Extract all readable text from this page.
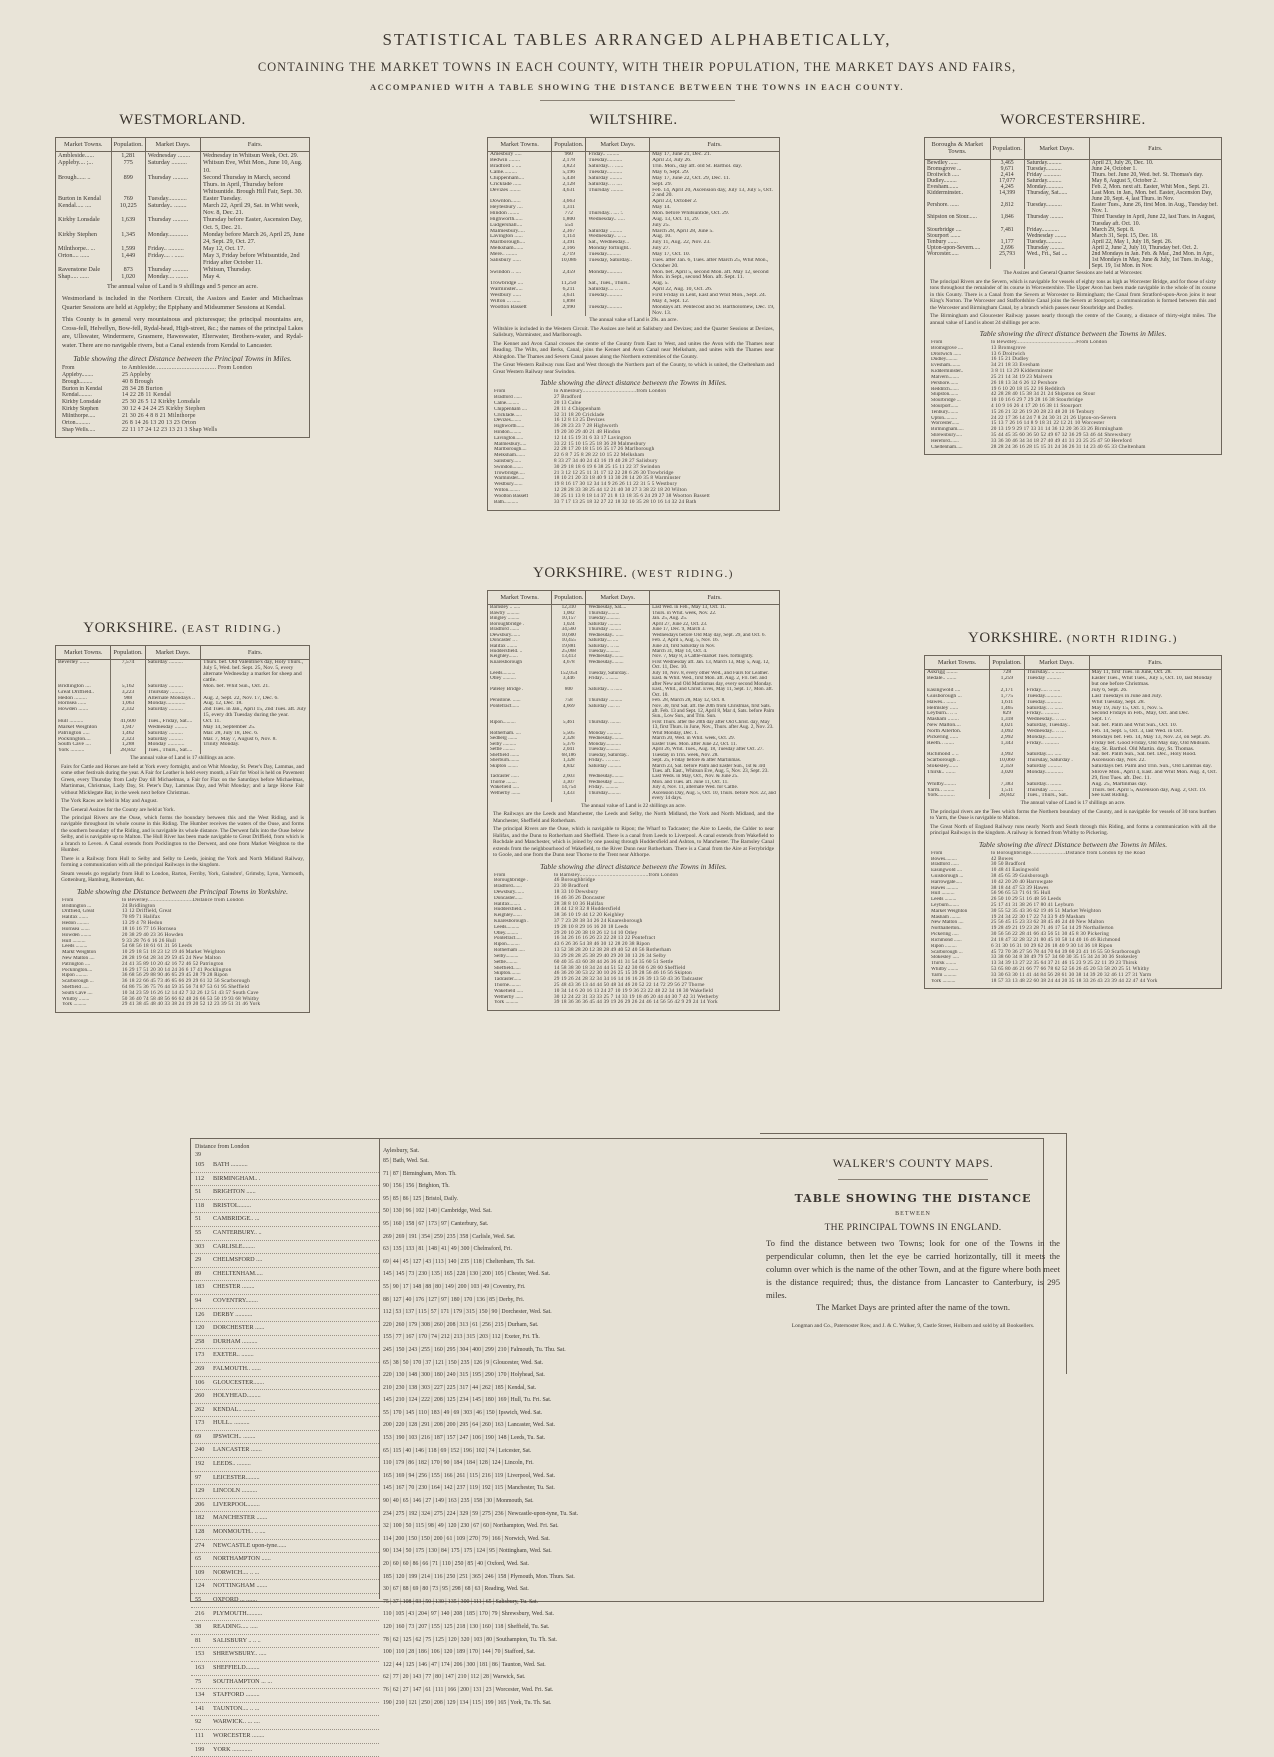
STATISTICAL TABLES ARRANGED ALPHABETICALLY,
CONTAINING THE MARKET TOWNS IN EACH COUNTY, WITH THEIR POPULATION, THE MARKET DAYS AND FAIRS,
ACCOMPANIED WITH A TABLE SHOWING THE DISTANCE BETWEEN THE TOWNS IN EACH COUNTY.
WESTMORLAND.
Market Towns.	Population.	Market Days.	Fairs.
Ambleside......	1,281	Wednesday ........	Wednesday in Whitsun Week, Oct. 29.
Appleby.... ;...	775	Saturday ..........	Whitsun Eve, Whit Mon., June 10, Aug. 10.
Brough...... ..	899	Thursday ..........	Second Thursday in March, second Thurs. in April, Thursday before Whitsuntide. Brough Hill Fair, Sept. 30.
Burton in Kendal	769	Tuesday............	Easter Tuesday.
Kendal..... ....	10,225	Saturday.. ........	March 22, April 29, Sat. in Whit week, Nov. 8, Dec. 21.
Kirkby Lonsdale	1,639	Thursday ..........	Thursday before Easter, Ascension Day, Oct. 5, Dec. 21.
Kirkby Stephen	1,345	Monday.............	Monday before March 26, April 25, June 24, Sept. 29, Oct. 27.
Milnthorpe.. ...	1,599	Friday.. ..........	May 12, Oct. 17.
Orton.... ......	1,449	Friday.... . ......	May 3, Friday before Whitsuntide, 2nd Friday after October 11.
Ravenstone Dale	873	Thursday ..........	Whitsun, Thursday.
Shap..... ......	1,020	Monday.... ........	May 4.
The annual value of Land is 9 shillings and 5 pence an acre.
Westmorland is included in the Northern Circuit, the Assizes and Easter and Michaelmas Quarter Sessions are held at Appleby; the Epiphany and Midsummer Sessions at Kendal.
This County is in general very mountainous and picturesque; the principal mountains are, Cross-fell, Helvellyn, Bow-fell, Rydal-head, High-street, &c.; the names of the principal Lakes are, Ullswater, Windermere, Grasmere, Haweswater, Elterwater, Brothers-water, and Rydal-water. There are no navigable rivers, but a Canal extends from Kendal to Lancaster.
Table showing the direct Distance between the Principal Towns in Miles.
From	to Ambleside..................................... From London
Appleby........	25 Appleby
Brough.........	40 8 Brough
Burton in Kendal	28 34 28 Burton
Kendal.........	14 22 28 11 Kendal
Kirkby Lonsdale	25 30 26 5 12 Kirkby Lonsdale
Kirkby Stephen	30 12 4 24 24 25 Kirkby Stephen
Milnthorpe.....	21 30 26 4 8 8 21 Milnthorpe
Orton..........	26 8 14 26 13 20 13 23 Orton
Shap Wells.....	22 11 17 24 12 23 13 21 3 Shap Wells
WILTSHIRE.
Market Towns.	Population.	Market Days.	Fairs.
Amesbury .....	960	Friday.. .........	May 17, June 21, Dec. 21.
Bedwin ........	2,178	Tuesday...........	April 23, July 26.
Bradford .. ....	3,823	Saturday.. . ......	Trin. Mon., day aft. old St. Barthol. day.
Calne..........	5,196	Tuesday...........	May 6, Sept. 29.
Chippenham....	5,438	Saturday .........	May 17, June 22, Oct. 29, Dec. 11.
Cricklade ......	2,128	Saturday.. .. ....	Sept. 29.
Devizes ........	4,631	Thursday .........	Feb. 14, April 20, Ascension day, July 13, July 5, Oct. 2 and 20.
Downton.......	3,663		April 23, October 2.
Heytesbury ....	1,311		May 14.
Hindon ........	772	Thursday.. .... :.	Mon. before Whitsuntide, Oct. 29.
Highworth......	1,800	Wednesday.. .....	Aug. 13, Oct. 11, 29.
Ludgershall....	554		July 25.
Malmesbury.....	2,367	Saturday .........	March 28, April 28, June 5.
Lavington ......	1,114	Wednesday.. .. ...	Aug. 10.
Marlborough....	3,391	Sat., Wednesday...	July 11, Aug. 22, Nov. 23.
Melksham.......	2,166	Monday fortnight..	July 27.
Mere.. ........	2,719	Tuesday..........	May 17, Oct. 10.
Salisbury ......	10,086	Tuesday, Saturday..	Tues. after Jan. 6, Tues. after March 25, Whit Mon., October 20.
Swindon .. ....	2,459	Monday...........	Mon. bef. April 5, second Mon. aft. May 12, second Mon. in Sept., second Mon. aft. Sept. 11.
Trowbridge ....	11,250	Sat., Tues., Thurs..	Aug. 5.
Warminster.....	6,211	Saturday.... .. ...	April 22, Aug. 10, Oct. 26.
Westbury ......	3,631	Tuesday...........	First Friday in Lent, East and Whit Mon., Sept. 24.
Wilton ... ......	1,898		May 4, Sept. 12.
Wootton Bassett	2,990	Tuesday...........	Mondays aft. Pentecost and St. Bartholomew, Dec. 19, Nov. 13.
The annual value of Land is 29s. an acre.
Wiltshire is included in the Western Circuit. The Assizes are held at Salisbury and Devizes; and the Quarter Sessions at Devizes, Salisbury, Warminster, and Marlborough.
The Kennet and Avon Canal crosses the centre of the County from East to West, and unites the Avon with the Thames near Reading. The Wilts, and Berks, Canal, joins the Kennet and Avon Canal near Melksham, and unites with the Thames near Abingdon. The Thames and Severn Canal passes along the Northern extremities of the County.
The Great Western Railway runs East and West through the Northern part of the County, to which is united, the Cheltenham and Great Western Railway near Swindon.
Table showing the direct distance between the Towns in Miles.
From	to Amesbury....................................from London
Bradford ......	27 Bradford
Calne..........	20 13 Calne
Chippenham ....	28 11 4 Chippenham
Cricklade......	32 31 18 20 Cricklade
Devizes........	16 12 8 13 25 Devizes
Highworth......	36 28 23 23 7 28 Highworth
Hindon.........	19 20 30 29 40 21 48 Hindon
Lavington......	12 14 15 19 31 6 33 17 Lavington
Malmesbury.....	33 22 15 10 15 25 18 36 28 Malmesbury
Marlborough....	22 28 17 20 18 15 16 35 17 26 Marlborough
Melksham.......	22 6 8 7 25 8 28 22 10 15 22 Melksham
Salisbury......	8 33 27 34 40 24 43 16 19 40 28 27 Salisbury
Swindon........	30 29 18 18 6 19 6 38 25 15 11 22 37 Swindon
Trowbridge.....	21 3 12 12 25 11 31 17 12 22 28 6 26 30 Trowbridge
Warminster.....	18 10 21 20 33 18 40 9 13 30 28 14 20 35 8 Warminster
Westbury.......	19 8 16 17 30 12 34 14 9 26 26 11 22 31 5 5 Westbury
Wilton.........	12 28 28 33 38 25 44 12 21 40 30 27 3 38 22 18 20 Wilton
Wootton Bassett	30 25 11 13 8 18 14 37 21 8 13 18 35 6 24 29 27 38 Wootton Bassett
Bath...........	33 7 17 13 25 18 32 27 22 18 32 10 35 28 10 16 14 32 24 Bath
WORCESTERSHIRE.
Boroughs & Market Towns.	Population.	Market Days.	Fairs.
Bewdley ......	3,465	Saturday..........	April 23, July 26, Dec. 10.
Bromsgrove ...	9,671	Tuesday...........	June 24, October 1.
Droitwich .....	2,414	Friday ............	Thurs. bef. June 20, Wed. bef. St. Thomas's day.
Dudley.........	17,077	Saturday..........	May 8, August 5, October 2.
Evesham.......	4,245	Monday............	Feb. 2, Mon. next aft. Easter, Whit Mon., Sept. 21.
Kidderminster..	14,399	Thursday, Sat......	Last Mon. in Jan., Mon. bef. Easter, Ascension Day, June 20, Sept. 4, last Thurs. in Nov.
Pershore. ......	2,812	Tuesday...........	Easter Tues., June 26, first Mon. in Aug., Tuesday bef. Nov. 1.
Shipston on Stour......	1,846	Thursday .........	Third Tuesday in April, June 22, last Tues. in August, Tuesday aft. Oct. 10.
Stourbridge ....	7,481	Friday............	March 29, Sept. 8.
Stourport .......		Wednesday ........	March 31, Sept. 15, Dec. 18.
Tenbury .......	1,177	Tuesday...........	April 22, May 1, July 18, Sept. 26.
Upton-upon-Severn.....	2,696	Thursday ..........	April 2, June 2, July 10, Thursday bef. Oct. 2.
Worcester......	25,793	Wed., Fri., Sat ....	2nd Mondays in Jan. Feb. & Mar., 2nd Mon. in Apr., 1st Mondays in May, June & July, 1st Tues. in Aug., Sept. 19, 1st Mon. in Nov.
The Assizes and General Quarter Sessions are held at Worcester.
The principal Rivers are the Severn, which is navigable for vessels of eighty tons as high as Worcester Bridge, and for those of sixty tons throughout the remainder of its course in Worcestershire. The Upper Avon has been made navigable in the whole of its course in this County. There is a Canal from the Severn at Worcester to Birmingham; the Canal from Stratford-upon-Avon joins it near King's Norton. The Worcester and Staffordshire Canal joins the Severn at Stourport; a communication is formed between this and the Worcester and Birmingham Canal, by a branch which passes near Stourbridge and Dudley.
The Birmingham and Gloucester Railway passes nearly through the centre of the County, a distance of thirty-eight miles. The annual value of Land is about 24 shillings per acre.
Table showing the direct distance between the Towns in Miles.
From	to Bewdley........................................From London
Bromsgrove ....	13 Bromsgrove
Droitwich ......	13 6 Droitwich
Dudley.........	16 15 21 Dudley
Evesham........	34 21 18 33 Evesham
Kidderminster..	3 8 11 13 29 Kidderminster
Malvern........	25 21 14 34 19 23 Malvern
Pershore.......	26 18 13 34 6 26 12 Pershore
Redditch.......	19 6 10 20 18 15 22 16 Redditch
Shipston.......	42 28 28 40 15 38 34 21 24 Shipston on Stour
Stourbridge ...	10 10 16 6 29 7 29 28 16 38 Stourbridge
Stourport......	4 10 9 16 26 4 17 20 16 38 11 Stourport
Tenbury........	15 26 21 32 26 19 20 28 23 48 20 16 Tenbury
Upton..........	24 22 17 36 14 24 7 8 24 30 31 21 26 Upton-on-Severn
Worcester......	15 13 7 26 16 14 8 9 18 31 22 12 21 10 Worcester
Birmingham.....	20 13 19 9 29 17 33 31 14 36 12 20 36 33 26 Birmingham
Shrewsbury.....	35 44 45 35 60 36 50 52 49 67 32 36 29 53 46 44 Shrewsbury
Hereford.......	33 36 30 46 34 34 18 27 40 49 41 31 23 25 25 47 50 Hereford
Cheltenham.....	28 28 24 36 16 28 15 15 31 24 36 26 31 14 23 40 65 33 Cheltenham
YORKSHIRE. (EAST RIDING.)
Market Towns.	Population.	Market Days.	Fairs.
Beverley .......	7,574	Saturday ..........	Thurs. bef. Old Valentine's day, Holy Thurs., July 5, Wed. bef. Sept. 25, Nov. 5, every alternate Wednesday a market for sheep and cattle.
Bridlington ....	5,162	Saturday ..........	Mon. bef. Whit Sun., Oct. 21.
Great Driffield..	3,223	Thursday ..........	
Hedon .........	988	Alternate Mondays ..	Aug. 2, Sept. 22, Nov. 17, Dec. 6.
Hornsea ......	1,063	Monday..............	Aug. 12, Dec. 18.
Howden .......	2,332	Saturday ..........	2nd Tues. in Jan., April 15, 2nd Tues. aft. July 15, every 4th Tuesday during the year.
Hull ..........	41,600	Tues., Friday, Sat....	Oct. 11.
Market Weighton	1,947	Wednesday .........	May 14, September 25.
Patrington .....	1,462	Saturday ..........	Mar. 28, July 18, Dec. 6.
Pocklington....	2,323	Saturday ..........	Mar. 7, May 7, August 6, Nov. 8.
South Cave ....	1,288	Monday ............	Trinity Monday.
York ..........	28,842	Tues., Thurs., Sat....	
The annual value of Land is 17 shillings an acre.
Fairs for Cattle and Horses are held at York every fortnight, and on Whit Monday, St. Peter's Day, Lammas, and some other festivals during the year. A Fair for Leather is held every month, a Fair for Wool is held on Pavement Green, every Thursday from Lady Day till Michaelmas, a Fair for Flax on the Saturdays before Michaelmas, Martinmas, Christmas, Lady Day, St. Peter's Day, Lammas Day, and Whit Monday; and a large Horse Fair without Micklegate Bar, in the week next before Christmas.
The York Races are held in May and August.
The General Assizes for the County are held at York.
The principal Rivers are the Ouse, which forms the boundary between this and the West Riding, and is navigable throughout its whole course in this Riding. The Humber receives the waters of the Ouse, and forms the southern boundary of the Riding, and is navigable its whole distance. The Derwent falls into the Ouse below Selby, and is navigable up to Malton. The Hull River has been made navigable to Great Driffield, from which is a branch to Leven. A Canal extends from Pocklington to the Derwent, and one from Market Weighton to the Humber.
There is a Railway from Hull to Selby and Selby to Leeds, joining the York and North Midland Railway, forming a communication with all the principal Railways in the kingdom.
Steam vessels go regularly from Hull to London, Barton, Ferriby, York, Gainsbro', Grimsby, Lynn, Yarmouth, Gottenburg, Hamburg, Rotterdam, &c.
Table showing the Distance between the Principal Towns in Yorkshire.
From	to Beverley..............................Distance from London
Bridlington ...	24 Bridlington
Driffield, Great	13 12 Driffield, Great
Halifax .......	70 89 71 Halifax
Hedon .........	13 29 4 78 Hedon
Hornsea .......	18 16 16 77 16 Hornsea
Howden ........	20 38 29 40 23 36 Howden
Hull ..........	9 33 28 76 6 16 26 Hull
Leeds .........	54 68 56 18 61 61 31 56 Leeds
Markt Weighton	10 29 18 51 18 23 12 19 46 Market Weighton
New Malton ....	28 28 19 64 28 34 29 59 45 24 New Malton
Patrington ....	24 41 35 89 10 20 42 16 72 46 52 Patrington
Pocklington....	16 29 17 51 20 30 14 24 36 6 17 41 Pocklington
Ripon .........	36 68 56 29 88 90 46 65 29 45 28 79 28 Ripon
Scarborough ...	36 18 22 66 45 73 46 65 66 29 29 61 32 56 Scarborough
Sheffield .....	64 86 75 36 75 76 44 59 35 56 74 87 53 61 95 Sheffield
South Cave ....	10 34 23 59 16 26 12 14 42 7 32 26 12 51 43 57 South Cave
Whitby ........	50 36 40 74 58 48 56 66 62 48 26 66 53 50 19 93 68 Whitby
York ..........	29 41 38 45 48 40 33 38 24 19 20 52 12 23 39 51 31 46 York
YORKSHIRE. (WEST RIDING.)
Market Towns.	Population.	Market Days.	Fairs.
Barnsley .. .....	12,310	Wednesday, Sat....	Last Wed. in Feb., May 13, Oct. 11.
Bawtry ..........	1,082	Thursday.........	Thurs. in Whit. week, Nov. 22.
Bingley .........	10,157	Tuesday...........	Jan. 25, Aug. 25.
Boroughbridge .	1,024	Saturday ..........	April 27, June 22, Oct. 23.
Bradford .......	34,560	Thursday .........	June 17, Dec. 9, March 3.
Dewsbury.......	10,600	Wednesday.. ......	Wednesdays before Old May day, Sept. 29, and Oct. 6.
Doncaster .. .	10,455	Saturday.... ....	Feb. 2, April 5, Aug. 5, Nov. 16.
Halifax ........	19,881	Saturday.. .. ....	June 24, first Saturday in Nov.
Huddersfield. ..	25,068	Tuesday...........	March 31, May 14, Oct. 4.
Keighley.......	13,413	Wednesday.........	Nov. 7, May 8, a Cattle-market Tues. fortnightly.
Knaresborough	4,678	Wednesday.........	First Wednesday aft. Jan. 13, March 13, May 5, Aug. 12, Oct. 11, Dec. 10.
Leeds..........	152,054	Tuesday, Saturday..	July 10, Nov. 8, every other Wed., and Fairs for Leather.
Otley ..........	3,446	Friday.. .. .......	East. & Whit. Wed., first Mon. aft. Aug. 2, Fri. bef. and after New and Old Martinmas day, every second Monday.
Pateley Bridge .	800	Saturday.. .. ......	East., Whit., and Christ. Eves, May 11, Sept. 17, Mon. aft. Oct. 10.
Penistone. ......	758	Thursday ..........	Feb. 28, March 28, May 12, Oct. 8.
Pontefract......	4,669	Saturday ..... ...	Nov. 30, first Sat. aft. the 20th from Christmas, first Sats. aft. Feb. 13 and Sept. 12, April 8, Mar 4, Sats. before Palm Sun., Low Sun., and Trin. Sun.
Ripon..........	5,461	Thursday. ........	First Thurs. after the 20th day after Old Christ. day, May 13, first Thurs. in June, Nov., Thurs. after Aug. 2, Nov. 23.
Rotherham. ....	5,505	Monday ...........	Whit Monday, Dec. 1.
Sedberg .......	2,328	Wednesday.........	March 20, Wed. in Whit. week, Oct. 29.
Selby ..........	5,376	Monday............	Easter Tues. Mon. after June 22, Oct. 11.
Settle .........	2,041	Tuesday...........	April 26, Whit. Tues., Aug. 18, Tuesday after Oct. 27.
Sheffield .......	68,186	Tuesday, Saturday..	Tuesday in Trin. week, Nov. 28.
Sherburn........	1,328	Friday.. . .. ......	Sept. 25, Friday before & after Martinmas.
Skipton ........	4,842	Saturday ..........	March 23, Sat. before Palm and Easter Sun., 1st & 3rd Tues. aft. East., Whitsun Eve, Aug. 5, Nov. 23, Sept. 23.
Tadcaster ......	2,603	Wednesday.........	Last Weds. in May, Oct., Nov. & June 25.
Thorne ........	3,307	Wednesday ........	Mon. and Tues. aft. June 11, Oct. 11.
Wakefield .....	14,754	Friday.. ..........	July 4, Nov. 11, alternate Wed. for Cattle.
Wetherby .......	1,433	Thursday..........	Ascension Day, Aug. 5, Oct. 10, Thurs. before Nov. 22, and every 14 days.
The annual value of Land is 22 shillings an acre.
The Railways are the Leeds and Manchester, the Leeds and Selby, the North Midland, the York and North Midland, and the Manchester, Sheffield and Rotherham.
The principal Rivers are the Ouse, which is navigable to Ripon; the Wharf to Tadcaster; the Aire to Leeds, the Calder to near Halifax, and the Dunn to Rotherham and Sheffield. There is a canal from Leeds to Liverpool. A canal extends from Wakefield to Rochdale and Manchester, which is joined by one passing through Huddersfield and Ashton, to Manchester. The Barnsley Canal extends from the neighbourhood of Wakefield, to the River Dunn near Rotherham. There is a Canal from the Aire at Ferrybridge to Goole, and one from the Dunn near Thorne to the Trent near Althorpe.
Table showing the direct distance between the Towns in Miles.
From	to Barnsley..............................................from London
Boroughbridge .	46 Boroughbridge
Bradford.......	23 30 Bradford
Dewsbury.......	18 33 10 Dewsbury
Doncaster......	16 46 36 26 Doncaster
Halifax........	28 38 8 10 36 Halifax
Huddersfield. ..	18 44 12 8 32 8 Huddersfield
Keighley.......	38 36 10 19 44 12 20 Keighley
Knaresborough .	37 7 23 28 38 34 26 24 Knaresborough
Leeds..........	19 28 10 8 29 16 16 20 18 Leeds
Otley..........	29 20 10 20 38 18 26 12 14 10 Otley
Pontefract.....	16 34 26 16 16 26 23 22 28 13 22 Pontefract
Ripon..........	43 6 26 36 54 38 46 30 12 28 20 38 Ripon
Rotherham .....	13 52 38 28 20 12 38 28 49 40 52 40 56 Rotherham
Selby..........	33 29 28 28 25 38 29 40 29 20 30 13 26 34 Selby
Settle.........	60 40 35 43 60 38 44 26 36 41 31 54 35 60 51 Settle
Sheffield......	14 58 38 30 18 34 24 44 51 52 42 30 60 6 28 60 Sheffield
Skipton........	46 36 20 30 53 22 30 10 26 25 15 39 28 56 46 16 56 Skipton
Tadcaster......	29 19 26 24 28 32 34 34 16 14 16 16 26 39 13 50 43 36 Tadcaster
Thorne.........	25 48 43 36 13 44 44 50 48 34 46 20 52 22 14 72 29 56 27 Thorne
Wakefield .....	10 34 14 6 20 16 13 24 27 10 19 9 36 23 22 48 22 34 18 30 Wakefield
Wetherby ......	30 12 24 22 31 33 33 25 7 14 33 19 18 46 20 44 44 30 7 42 31 Wetherby
York ..........	39 18 36 36 36 45 44 39 19 26 29 26 24 46 14 56 56 42 9 29 24 14 York
YORKSHIRE. (NORTH RIDING.)
Market Towns.	Population.	Market Days.	Fairs.
Askrigg ........	728	Thursday.. .. ......	May 11, first Tues. in June, Oct. 28.
Bedale.. .......	1,259	Tuesday ..........	Easter Tues., Whit Tues., July 5, Oct. 10, last Monday but one before Christmas.
Easingwold ....	2,171	Friday..... .. .....	July 6, Sept. 26.
Guisborough ...	1,775	Tuesday............	Last Tuesdays in June and July.
Hawes.. .......	1,611	Tuesday............	Whit Tuesday, Sept. 28.
Helmsley ......	1,465	Saturday.. .. ......	May 19, July 15, Oct. 1, Nov. 5.
Leyburn.. .. ..	829	Friday.. ..........	Second Fridays in Feb., May, Oct. and Dec.
Masham ........	1,318	Wednesday.. .. ....	Sept. 17.
New Malton....	4,021	Saturday, Tuesday..	Sat. bef. Palm and Whit Sun., Oct. 10.
North Allerton.	3,092	Wednesday.. .. ....	Feb. 14, Sept. 5, Oct. 3, last Wed. in Oct.
Pickering ......	2,992	Monday.............	Mondays bef. Feb. 14, May 13, Nov. 23, on Sept. 26.
Reeth.. .......	1,343	Friday.. ..........	Friday bef. Good Friday, Old May day, Old Midsum. day, St. Barthol. Old Martin. day, St. Thomas.
Richmond .. ..	3,992	Saturday..... .....	Sat. bef. Palm Sun., Sat. bef. Dec., Holy Rood.
Scarborough ..	10,060	Thursday, Saturday .	Ascension day, Nov. 22.
Stokesley.......	2,359	Saturday ..........	Saturdays bef. Palm and Trin. Sun., Old Lammas day.
Thirsk.. .......	3,020	Monday.............	Shrove Mon., April 4, East. and Whit Mon. Aug. 4, Oct. 29, first Tues. aft. Dec. 11.
Whitby.........	7,383	Saturday.. ........	Aug. 25, Martinmas day.
Yarm.. ........	1,511	Thursday ..........	Thurs. bef. April 5, Ascension day, Aug. 2, Oct. 19.
York............	28,842	Tues., Thurs., Sat..	See East Riding.
The annual value of Land is 17 shillings an acre.
The principal rivers are the Tees which forms the Northern boundary of the County, and is navigable for vessels of 30 tons burthen to Yarm, the Ouse is navigable to Malton.
The Great North of England Railway runs nearly North and South through this Riding, and forms a communication with all the principal Railways in the kingdom. A railway is formed from Whitby to Pickering.
Table showing the direct Distance between the Towns in Miles.
From	to Boroughbridge.......................Distance from London by the Road
Bowes.........	42 Bowes
Bradford ......	30 50 Bradford
Easingwold ....	10 48 41 Easingwold
Guisborough ...	38 45 65 39 Guisborough
Harrowgate.....	10 42 20 20 40 Harrowgate
Hawes .........	38 18 44 47 53 39 Hawes
Hull ..........	56 96 65 53 71 61 95 Hull
Leeds .........	26 50 10 29 51 16 48 56 Leeds
Leyburn........	25 17 41 31 38 26 17 80 41 Leyburn
Market Weighton	30 55 52 35 43 36 62 19 46 51 Market Weighton
Masham ........	19 24 34 22 30 17 22 74 33 9 49 Masham
New Malton ....	25 56 45 15 23 33 62 38 45 46 24 40 New Malton
Northallerton..	19 28 49 21 19 23 28 71 46 17 54 14 29 Northallerton
Pickering .....	30 56 56 22 28 41 66 43 56 51 30 45 8 30 Pickering
Richmond ......	24 18 47 32 28 32 21 80 45 10 58 14 40 16 46 Richmond
Ripon .........	6 31 30 16 31 10 29 62 26 18 40 9 30 14 36 18 Ripon
Scarborough ...	45 72 70 36 27 56 78 44 70 64 39 60 23 41 16 55 50 Scarborough
Stokesley .....	33 38 60 34 8 38 49 79 57 34 60 30 35 15 34 24 30 36 Stokesley
Thirsk ........	13 34 39 13 27 22 35 64 37 21 46 15 23 9 25 22 11 39 23 Thirsk
Whitby ........	53 65 80 46 21 66 77 66 78 62 52 56 26 45 20 53 58 20 25 51 Whitby
Yarm ..........	33 30 63 30 11 41 44 84 56 28 61 30 38 14 39 20 32 46 11 27 31 Yarm
York ..........	18 57 33 13 48 22 60 38 24 44 20 35 18 33 26 43 23 39 44 22 47 44 York
Distance from London
39
105 BATH ...........
112 BIRMINGHAM.. .
51 BRIGHTON ......
118 BRISTOL........
51 CAMBRIDGE.. ...
55 CANTERBURY.. ..
303 CARLISLE........
29 CHELMSFORD ....
89 CHELTENHAM.....
183 CHESTER ........
94 COVENTRY........
126 DERBY ...........
120 DORCHESTER ......
258 DURHAM ..........
173 EXETER.. ........
269 FALMOUTH.. ......
106 GLOUCESTER.......
260 HOLYHEAD.........
262 KENDAL.. ........
173 HULL.. ..........
69 IPSWICH.. ........
240 LANCASTER .......
192 LEEDS.. .........
97 LEICESTER.........
129 LINCOLN ..........
206 LIVERPOOL........
182 MANCHESTER .......
128 MONMOUTH.. .. ....
274 NEWCASTLE upon-tyne......
65 NORTHAMPTON ......
109 NORWICH.... .. ...
124 NOTTINGHAM .......
55 OXFORD ... .......
216 PLYMOUTH..........
38 READING..... .....
81 SALISBURY .. .. ..
153 SHREWSBURY.. .....
163 SHEFFIELD.........
75 SOUTHAMPTON ... ...
134 STAFFORD .........
141 TAUNTON.... .. ...
92 WARWICK.. ... ....
111 WORCESTER ........
199 YORK .............
Aylesbury, Sat.
85 | Bath, Wed. Sat.
71 | 87 | Birmingham, Mon. Th.
90 | 156 | 156 | Brighton, Th.
95 | 85 | 86 | 125 | Bristol, Daily.
50 | 130 | 96 | 102 | 140 | Cambridge, Wed. Sat.
95 | 160 | 158 | 67 | 173 | 97 | Canterbury, Sat.
269 | 269 | 191 | 354 | 259 | 235 | 358 | Carlisle, Wed. Sat.
63 | 135 | 133 | 81 | 148 | 41 | 49 | 300 | Chelmsford, Fri.
69 | 44 | 45 | 127 | 43 | 113 | 140 | 235 | 118 | Cheltenham, Th. Sat.
145 | 145 | 73 | 230 | 135 | 165 | 228 | 130 | 200 | 105 | Chester, Wed. Sat.
55 | 90 | 17 | 148 | 88 | 80 | 149 | 200 | 103 | 49 | Coventry, Fri.
88 | 127 | 40 | 176 | 127 | 97 | 180 | 170 | 136 | 85 | Derby, Fri.
112 | 53 | 137 | 115 | 57 | 171 | 179 | 315 | 150 | 90 | Dorchester, Wed. Sat.
220 | 260 | 179 | 308 | 260 | 208 | 313 | 61 | 256 | 215 | Durham, Sat.
155 | 77 | 167 | 170 | 74 | 212 | 213 | 315 | 203 | 112 | Exeter, Fri. Th.
245 | 150 | 243 | 255 | 160 | 295 | 304 | 400 | 299 | 210 | Falmouth, Tu. Thu. Sat.
65 | 38 | 50 | 170 | 37 | 121 | 150 | 235 | 126 | 9 | Gloucester, Wed. Sat.
220 | 130 | 148 | 300 | 180 | 240 | 315 | 195 | 290 | 170 | Holyhead, Sat.
210 | 230 | 138 | 303 | 227 | 225 | 317 | 44 | 262 | 185 | Kendal, Sat.
145 | 210 | 124 | 222 | 208 | 125 | 234 | 145 | 180 | 169 | Hull, Tu. Fri. Sat.
55 | 170 | 145 | 110 | 183 | 49 | 69 | 303 | 46 | 150 | Ipswich, Wed. Sat.
200 | 220 | 128 | 291 | 208 | 200 | 295 | 64 | 260 | 163 | Lancaster, Wed. Sat.
153 | 190 | 103 | 216 | 187 | 157 | 247 | 106 | 190 | 148 | Leeds, Tu. Sat.
65 | 115 | 40 | 146 | 118 | 69 | 152 | 196 | 102 | 74 | Leicester, Sat.
110 | 179 | 86 | 182 | 170 | 90 | 184 | 184 | 128 | 124 | Lincoln, Fri.
165 | 169 | 94 | 256 | 155 | 166 | 261 | 115 | 216 | 119 | Liverpool, Wed. Sat.
145 | 167 | 70 | 230 | 164 | 142 | 237 | 119 | 192 | 115 | Manchester, Tu. Sat.
90 | 40 | 65 | 146 | 27 | 149 | 163 | 235 | 158 | 30 | Monmouth, Sat.
234 | 275 | 192 | 324 | 275 | 224 | 329 | 59 | 275 | 236 | Newcastle-upon-tyne, Tu. Sat.
32 | 100 | 50 | 115 | 98 | 49 | 120 | 230 | 67 | 60 | Northampton, Wed. Fri. Sat.
114 | 200 | 150 | 150 | 200 | 61 | 109 | 270 | 79 | 166 | Norwich, Wed. Sat.
90 | 134 | 50 | 175 | 130 | 84 | 175 | 175 | 124 | 95 | Nottingham, Wed. Sat.
20 | 60 | 60 | 86 | 66 | 71 | 110 | 250 | 85 | 40 | Oxford, Wed. Sat.
185 | 120 | 199 | 214 | 116 | 250 | 251 | 365 | 246 | 158 | Plymouth, Mon. Thurs. Sat.
30 | 67 | 88 | 69 | 80 | 73 | 95 | 298 | 68 | 63 | Reading, Wed. Sat.
75 | 37 | 108 | 93 | 50 | 130 | 135 | 300 | 111 | 65 | Salisbury, Tu. Sat.
110 | 105 | 43 | 204 | 97 | 140 | 208 | 185 | 170 | 79 | Shrewsbury, Wed. Sat.
120 | 160 | 73 | 207 | 155 | 125 | 218 | 130 | 160 | 118 | Sheffield, Tu. Sat.
78 | 62 | 125 | 62 | 75 | 125 | 120 | 320 | 103 | 80 | Southampton, Tu. Th. Sat.
100 | 110 | 28 | 186 | 106 | 120 | 189 | 170 | 144 | 70 | Stafford, Sat.
122 | 44 | 125 | 146 | 47 | 174 | 206 | 300 | 181 | 86 | Taunton, Wed. Sat.
62 | 77 | 20 | 143 | 77 | 80 | 147 | 210 | 112 | 28 | Warwick, Sat.
76 | 62 | 27 | 147 | 61 | 111 | 166 | 200 | 131 | 23 | Worcester, Wed. Fri. Sat.
190 | 210 | 121 | 250 | 208 | 129 | 134 | 115 | 199 | 165 | York, Tu. Th. Sat.
WALKER'S COUNTY MAPS.
TABLE SHOWING THE DISTANCE
BETWEEN
THE PRINCIPAL TOWNS IN ENGLAND.
To find the distance between two Towns; look for one of the Towns in the perpendicular column, then let the eye be carried horizontally, till it meets the column over which is the name of the other Town, and at the figure where both meet is the distance required; thus, the distance from Lancaster to Canterbury, is 295 miles.
The Market Days are printed after the name of the town.
Longman and Co., Paternoster Row, and J. & C. Walker, 9, Castle Street, Holborn and sold by all Booksellers.
